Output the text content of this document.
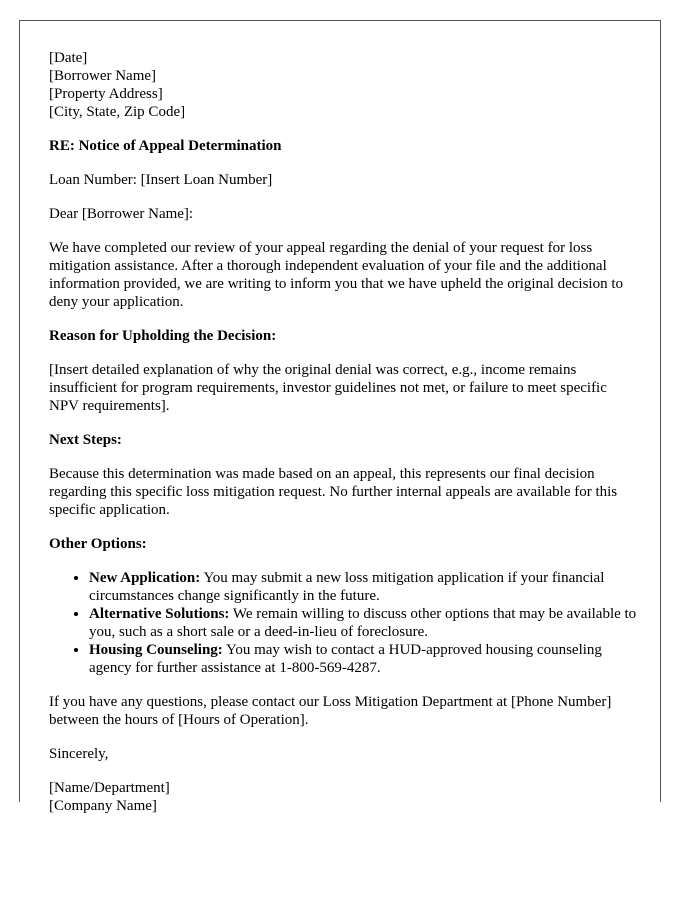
[Date]
[Borrower Name]
[Property Address]
[City, State, Zip Code]

RE: Notice of Appeal Determination

Loan Number: [Insert Loan Number]

Dear [Borrower Name]:

We have completed our review of your appeal regarding the denial of your request for loss mitigation assistance. After a thorough independent evaluation of your file and the additional information provided, we are writing to inform you that we have upheld the original decision to deny your application.

Reason for Upholding the Decision:

[Insert detailed explanation of why the original denial was correct, e.g., income remains insufficient for program requirements, investor guidelines not met, or failure to meet specific NPV requirements].

Next Steps:

Because this determination was made based on an appeal, this represents our final decision regarding this specific loss mitigation request. No further internal appeals are available for this specific application.

Other Options:

• New Application: You may submit a new loss mitigation application if your financial circumstances change significantly in the future.
• Alternative Solutions: We remain willing to discuss other options that may be available to you, such as a short sale or a deed-in-lieu of foreclosure.
• Housing Counseling: You may wish to contact a HUD-approved housing counseling agency for further assistance at 1-800-569-4287.

If you have any questions, please contact our Loss Mitigation Department at [Phone Number] between the hours of [Hours of Operation].

Sincerely,

[Name/Department]
[Company Name]
